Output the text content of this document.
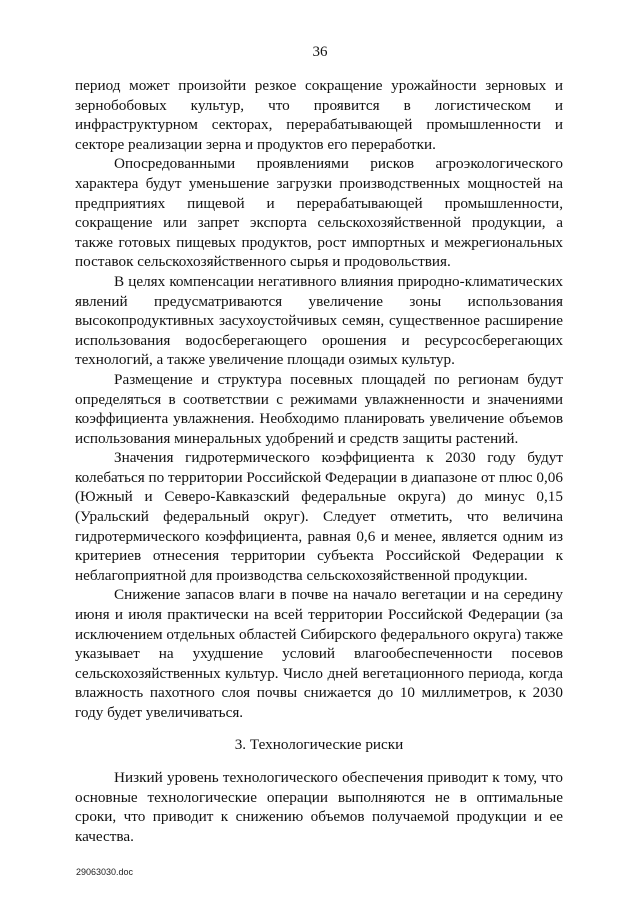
36

период может произойти резкое сокращение урожайности зерновых и зернобобовых культур, что проявится в логистическом и инфраструктурном секторах, перерабатывающей промышленности и секторе реализации зерна и продуктов его переработки.

Опосредованными проявлениями рисков агроэкологического характера будут уменьшение загрузки производственных мощностей на предприятиях пищевой и перерабатывающей промышленности, сокращение или запрет экспорта сельскохозяйственной продукции, а также готовых пищевых продуктов, рост импортных и межрегиональных поставок сельскохозяйственного сырья и продовольствия.

В целях компенсации негативного влияния природно-климатических явлений предусматриваются увеличение зоны использования высокопродуктивных засухоустойчивых семян, существенное расширение использования водосберегающего орошения и ресурсосберегающих технологий, а также увеличение площади озимых культур.

Размещение и структура посевных площадей по регионам будут определяться в соответствии с режимами увлажненности и значениями коэффициента увлажнения. Необходимо планировать увеличение объемов использования минеральных удобрений и средств защиты растений.

Значения гидротермического коэффициента к 2030 году будут колебаться по территории Российской Федерации в диапазоне от плюс 0,06 (Южный и Северо-Кавказский федеральные округа) до минус 0,15 (Уральский федеральный округ). Следует отметить, что величина гидротермического коэффициента, равная 0,6 и менее, является одним из критериев отнесения территории субъекта Российской Федерации к неблагоприятной для производства сельскохозяйственной продукции.

Снижение запасов влаги в почве на начало вегетации и на середину июня и июля практически на всей территории Российской Федерации (за исключением отдельных областей Сибирского федерального округа) также указывает на ухудшение условий влагообеспеченности посевов сельскохозяйственных культур. Число дней вегетационного периода, когда влажность пахотного слоя почвы снижается до 10 миллиметров, к 2030 году будет увеличиваться.

3. Технологические риски

Низкий уровень технологического обеспечения приводит к тому, что основные технологические операции выполняются не в оптимальные сроки, что приводит к снижению объемов получаемой продукции и ее качества.

29063030.doc
